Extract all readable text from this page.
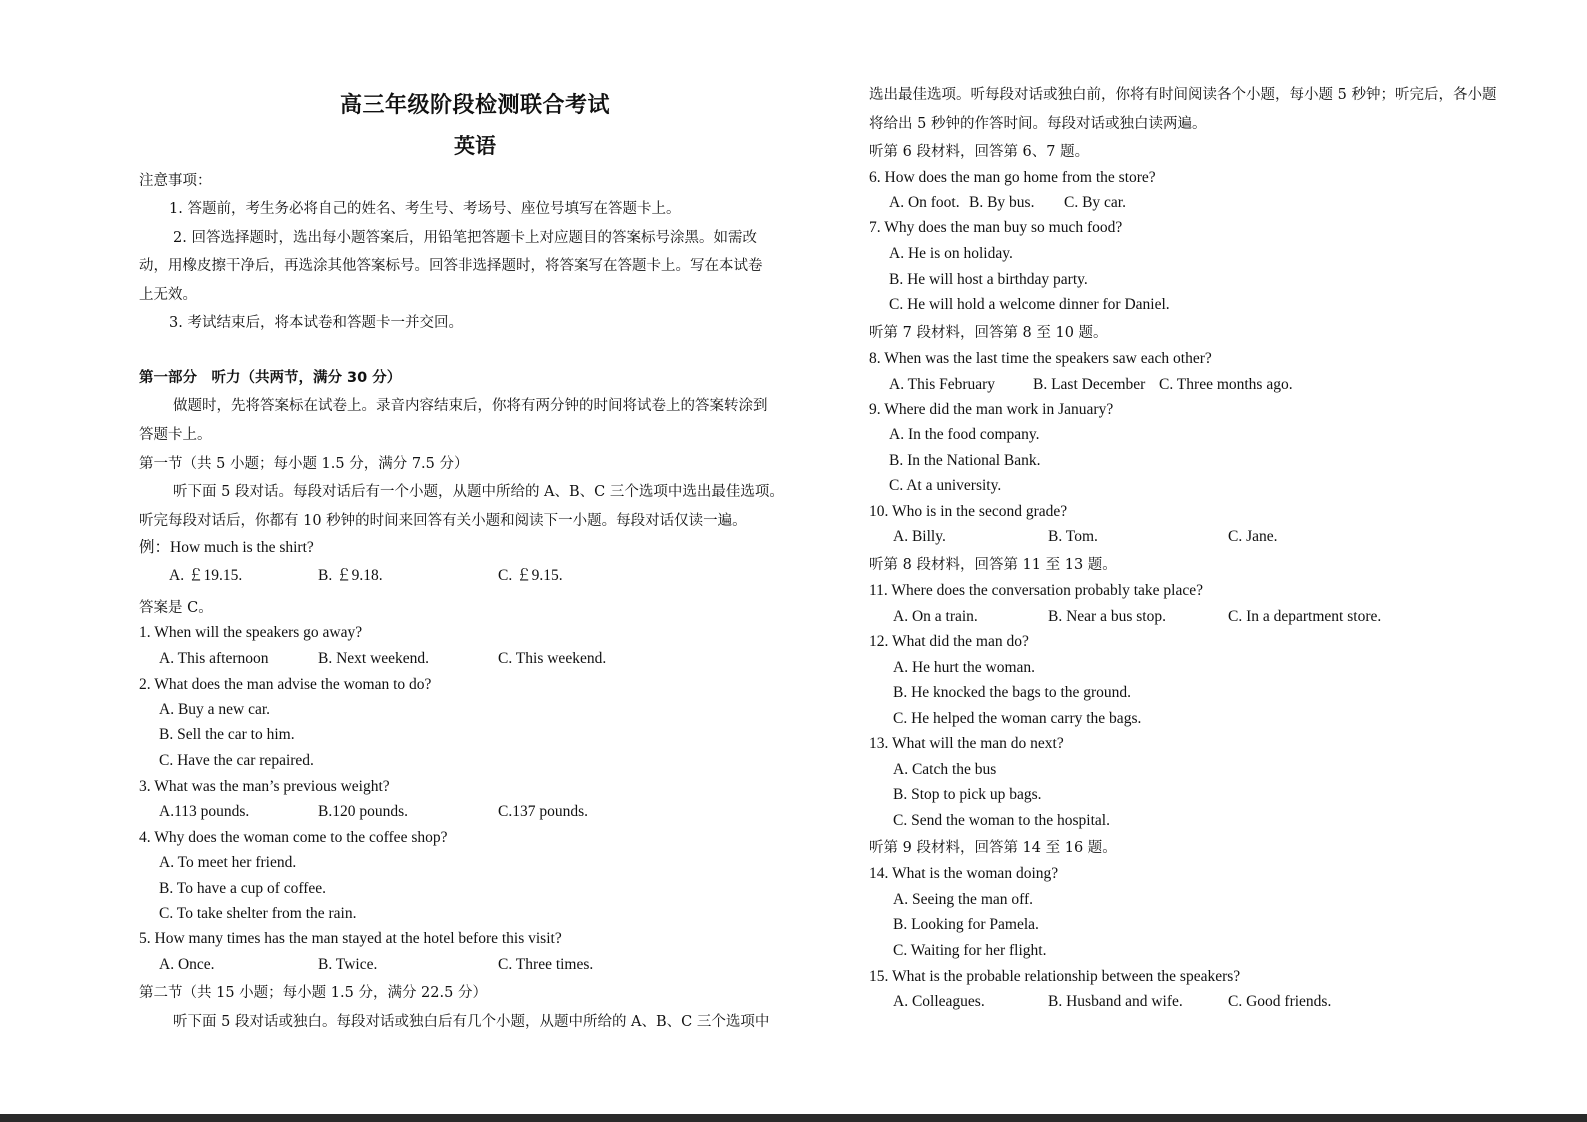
高三年级阶段检测联合考试
英语
注意事项：
1. 答题前，考生务必将自己的姓名、考生号、考场号、座位号填写在答题卡上。
2. 回答选择题时，选出每小题答案后，用铅笔把答题卡上对应题目的答案标号涂黑。如需改
动，用橡皮擦干净后，再选涂其他答案标号。回答非选择题时，将答案写在答题卡上。写在本试卷
上无效。
3. 考试结束后，将本试卷和答题卡一并交回。
第一部分　听力（共两节，满分 30 分）
做题时，先将答案标在试卷上。录音内容结束后，你将有两分钟的时间将试卷上的答案转涂到
答题卡上。
第一节（共 5 小题；每小题 1.5 分，满分 7.5 分）
听下面 5 段对话。每段对话后有一个小题，从题中所给的 A、B、C 三个选项中选出最佳选项。
听完每段对话后，你都有 10 秒钟的时间来回答有关小题和阅读下一小题。每段对话仅读一遍。
例：How much is the shirt?
A. ￡19.15.	B. ￡9.18.	C. ￡9.15.
答案是 C。
1. When will the speakers go away?
A. This afternoon	B. Next weekend.	C. This weekend.
2. What does the man advise the woman to do?
A. Buy a new car.
B. Sell the car to him.
C. Have the car repaired.
3. What was the man’s previous weight?
A.113 pounds.	B.120 pounds.	C.137 pounds.
4. Why does the woman come to the coffee shop?
A. To meet her friend.
B. To have a cup of coffee.
C. To take shelter from the rain.
5. How many times has the man stayed at the hotel before this visit?
A. Once.	B. Twice.	C. Three times.
第二节（共 15 小题；每小题 1.5 分，满分 22.5 分）
听下面 5 段对话或独白。每段对话或独白后有几个小题，从题中所给的 A、B、C 三个选项中
选出最佳选项。听每段对话或独白前，你将有时间阅读各个小题，每小题 5 秒钟；听完后，各小题
将给出 5 秒钟的作答时间。每段对话或独白读两遍。
听第 6 段材料，回答第 6、7 题。
6. How does the man go home from the store?
A. On foot. B. By bus. C. By car.
7. Why does the man buy so much food?
A. He is on holiday.
B. He will host a birthday party.
C. He will hold a welcome dinner for Daniel.
听第 7 段材料，回答第 8 至 10 题。
8. When was the last time the speakers saw each other?
A. This February B. Last December C. Three months ago.
9. Where did the man work in January?
A. In the food company.
B. In the National Bank.
C. At a university.
10. Who is in the second grade?
A. Billy.	B. Tom.	C. Jane.
听第 8 段材料，回答第 11 至 13 题。
11. Where does the conversation probably take place?
A. On a train.	B. Near a bus stop.	C. In a department store.
12. What did the man do?
A. He hurt the woman.
B. He knocked the bags to the ground.
C. He helped the woman carry the bags.
13. What will the man do next?
A. Catch the bus
B. Stop to pick up bags.
C. Send the woman to the hospital.
听第 9 段材料，回答第 14 至 16 题。
14. What is the woman doing?
A. Seeing the man off.
B. Looking for Pamela.
C. Waiting for her flight.
15. What is the probable relationship between the speakers?
A. Colleagues.	B. Husband and wife.	C. Good friends.
